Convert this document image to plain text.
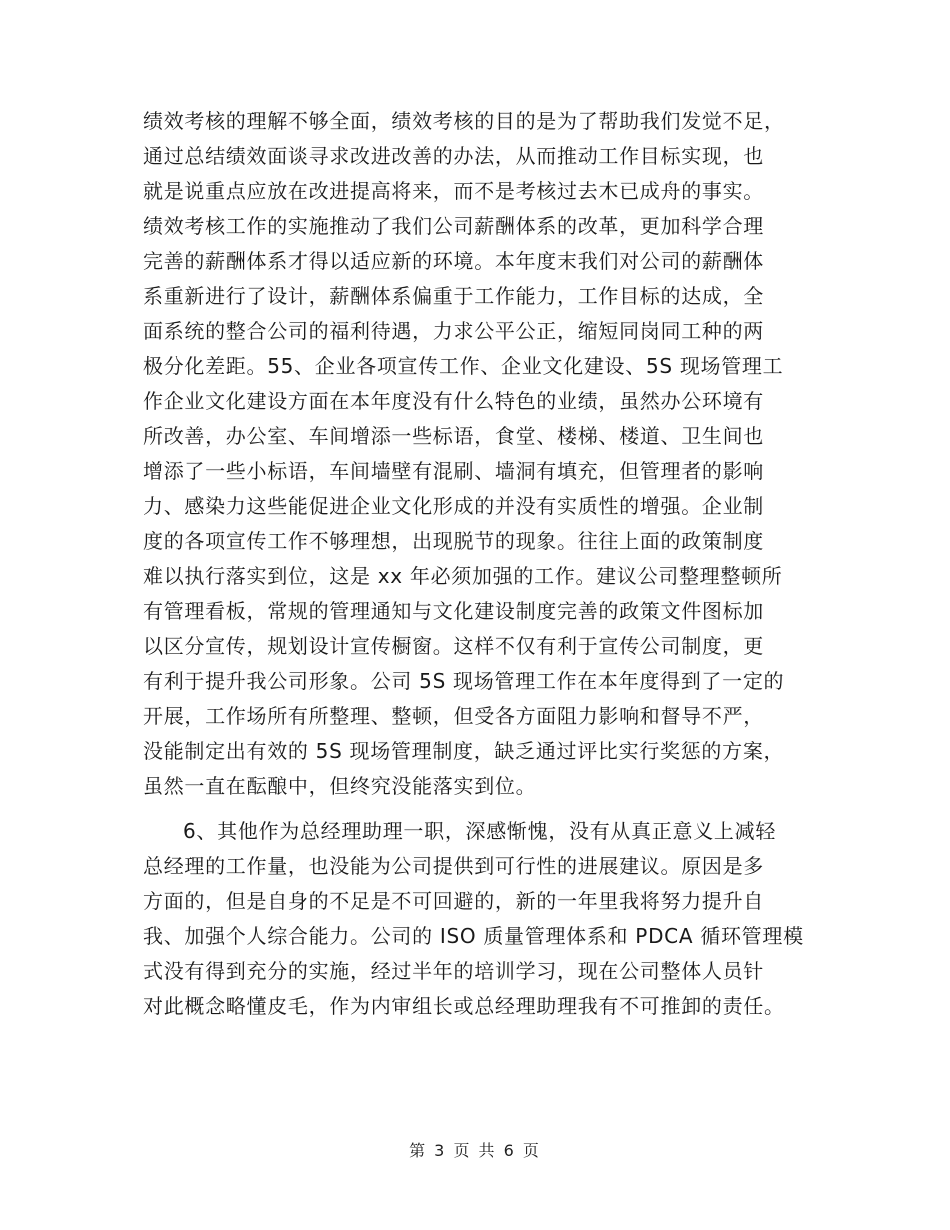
绩效考核的理解不够全面，绩效考核的目的是为了帮助我们发觉不足，
通过总结绩效面谈寻求改进改善的办法，从而推动工作目标实现，也
就是说重点应放在改进提高将来，而不是考核过去木已成舟的事实。
绩效考核工作的实施推动了我们公司薪酬体系的改革，更加科学合理
完善的薪酬体系才得以适应新的环境。本年度末我们对公司的薪酬体
系重新进行了设计，薪酬体系偏重于工作能力，工作目标的达成，全
面系统的整合公司的福利待遇，力求公平公正，缩短同岗同工种的两
极分化差距。55、企业各项宣传工作、企业文化建设、5S 现场管理工
作企业文化建设方面在本年度没有什么特色的业绩，虽然办公环境有
所改善，办公室、车间增添一些标语，食堂、楼梯、楼道、卫生间也
增添了一些小标语，车间墙壁有混刷、墙洞有填充，但管理者的影响
力、感染力这些能促进企业文化形成的并没有实质性的增强。企业制
度的各项宣传工作不够理想，出现脱节的现象。往往上面的政策制度
难以执行落实到位，这是 xx 年必须加强的工作。建议公司整理整顿所
有管理看板，常规的管理通知与文化建设制度完善的政策文件图标加
以区分宣传，规划设计宣传橱窗。这样不仅有利于宣传公司制度，更
有利于提升我公司形象。公司 5S 现场管理工作在本年度得到了一定的
开展，工作场所有所整理、整顿，但受各方面阻力影响和督导不严，
没能制定出有效的 5S 现场管理制度，缺乏通过评比实行奖惩的方案，
虽然一直在酝酿中，但终究没能落实到位。
6、其他作为总经理助理一职，深感惭愧，没有从真正意义上减轻
总经理的工作量，也没能为公司提供到可行性的进展建议。原因是多
方面的，但是自身的不足是不可回避的，新的一年里我将努力提升自
我、加强个人综合能力。公司的 ISO 质量管理体系和 PDCA 循环管理模
式没有得到充分的实施，经过半年的培训学习，现在公司整体人员针
对此概念略懂皮毛，作为内审组长或总经理助理我有不可推卸的责任。
第 3 页 共 6 页
